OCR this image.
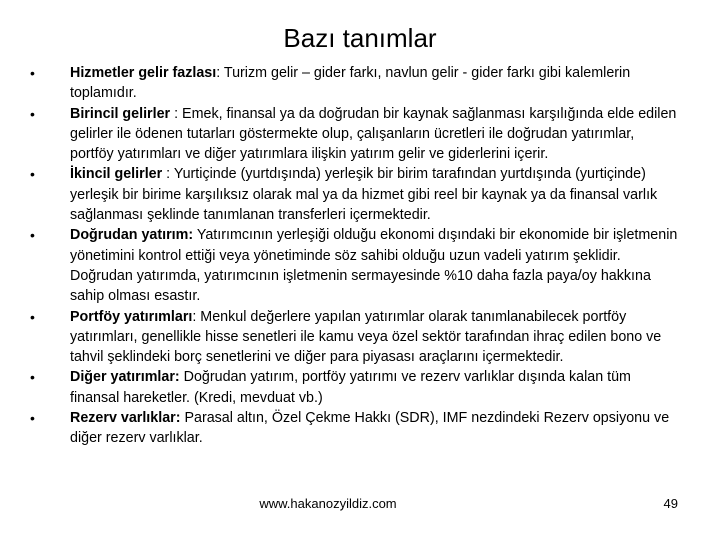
Bazı tanımlar
•	Hizmetler gelir fazlası: Turizm gelir – gider farkı, navlun gelir - gider farkı gibi kalemlerin toplamıdır.
•	Birincil gelirler : Emek, finansal ya da doğrudan bir kaynak sağlanması karşılığında elde edilen gelirler ile ödenen tutarları göstermekte olup, çalışanların ücretleri ile doğrudan yatırımlar, portföy yatırımları ve diğer yatırımlara ilişkin yatırım gelir ve giderlerini içerir.
•	İkincil gelirler : Yurtiçinde (yurtdışında) yerleşik bir birim tarafından yurtdışında (yurtiçinde) yerleşik bir birime karşılıksız olarak mal ya da hizmet gibi reel bir kaynak ya da finansal varlık sağlanması şeklinde tanımlanan transferleri içermektedir.
•	Doğrudan yatırım: Yatırımcının yerleşiği olduğu ekonomi dışındaki bir ekonomide bir işletmenin yönetimini kontrol ettiği veya yönetiminde söz sahibi olduğu uzun vadeli yatırım şeklidir. Doğrudan yatırımda, yatırımcının işletmenin sermayesinde %10 daha fazla paya/oy hakkına sahip olması esastır.
•	Portföy yatırımları: Menkul değerlere yapılan yatırımlar olarak tanımlanabilecek portföy yatırımları, genellikle hisse senetleri ile kamu veya özel sektör tarafından ihraç edilen bono ve tahvil şeklindeki borç senetlerini ve diğer para piyasası araçlarını içermektedir.
•	Diğer yatırımlar: Doğrudan yatırım, portföy yatırımı ve rezerv varlıklar dışında kalan tüm finansal hareketler. (Kredi, mevduat vb.)
•	Rezerv varlıklar: Parasal altın, Özel Çekme Hakkı (SDR), IMF nezdindeki Rezerv opsiyonu ve diğer rezerv varlıklar.
www.hakanozyildiz.com	49
